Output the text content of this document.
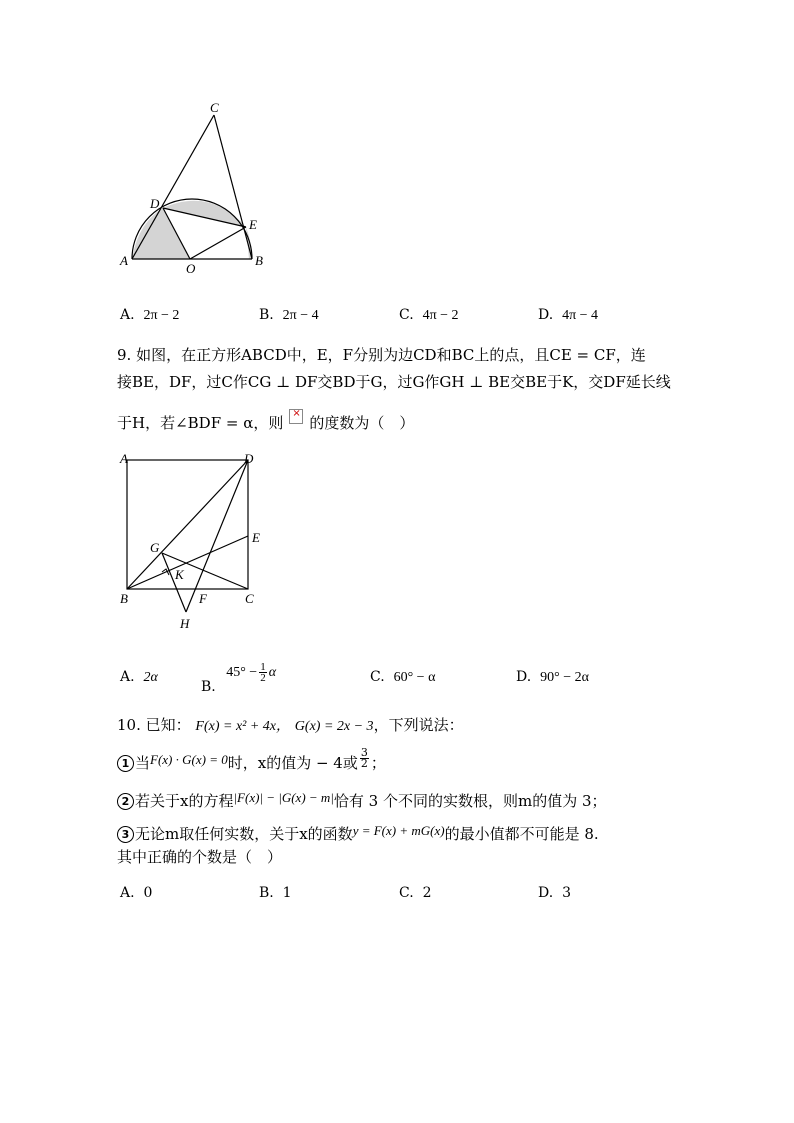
C
D
E
A
O
B
A. 2π − 2	B. 2π − 4	C. 4π − 2	D. 4π − 4
9. 如图，在正方形ABCD中，E，F分别为边CD和BC上的点，且CE = CF，连
接BE，DF，过C作CG ⊥ DF交BD于G，过G作GH ⊥ BE交BE于K，交DF延长线
于H，若∠BDF = α，则
×
的度数为（　）
A	D
E
G
K
B	F	C
H
A. 2α
B. $45^\circ - \frac{1}{2}$ α	C. 60° − α	D. 90° − 2α
10. 已知： F(x) = x² + 4x， G(x) = 2x − 3，下列说法：
1 当F(x) · G(x) = 0时，x的值为 − 4或 $\frac{3}{2}$ ；
2 若关于x的方程|F(x)| − |G(x) − m|恰有 3 个不同的实数根，则m的值为 3；
3 无论m取任何实数，关于x的函数y = F(x) + mG(x)的最小值都不可能是 8.
其中正确的个数是（　）
A. 0	B. 1	C. 2	D. 3
